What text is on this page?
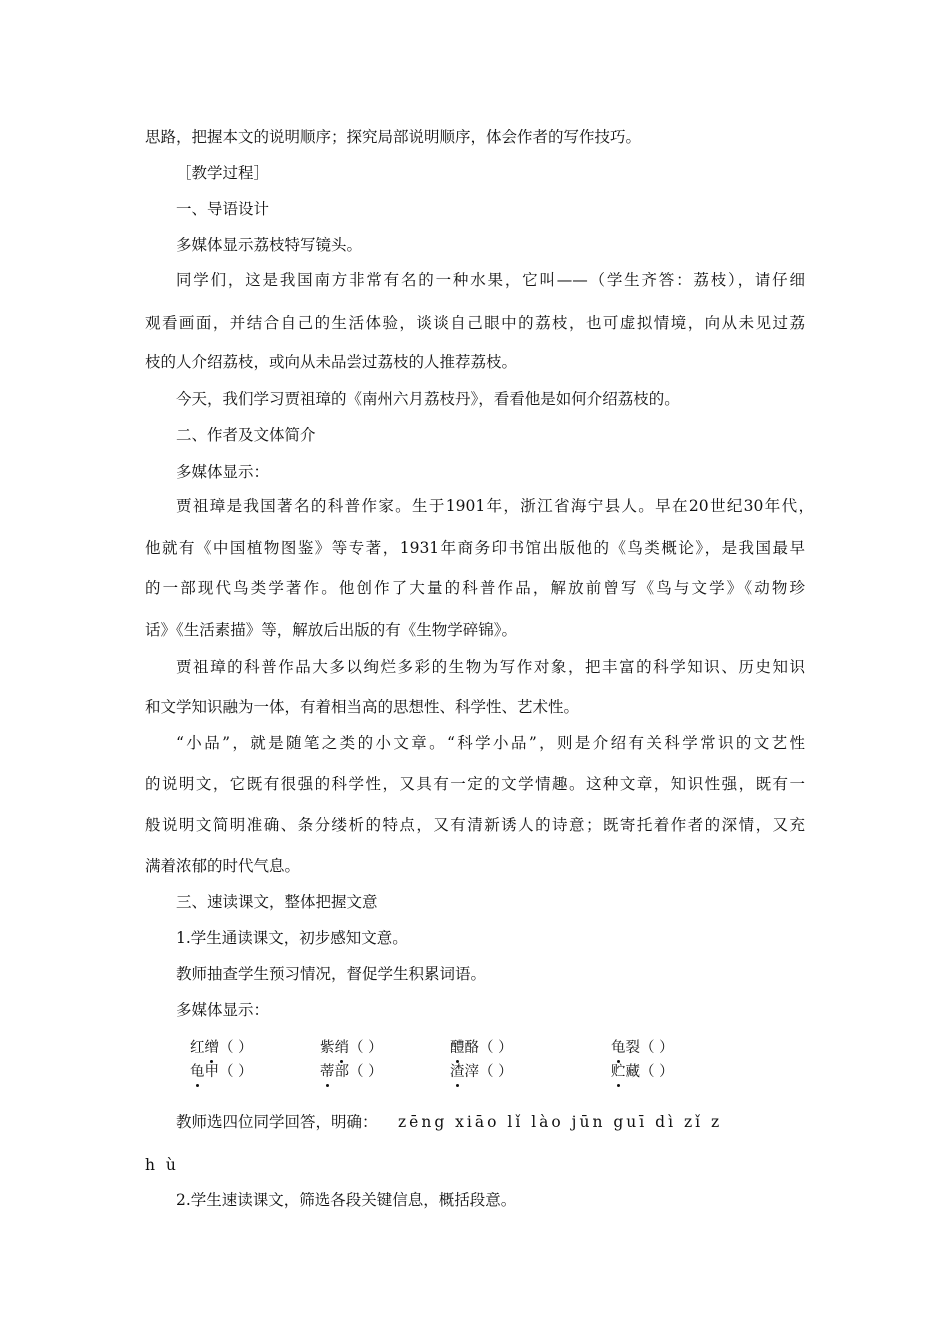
思路，把握本文的说明顺序；探究局部说明顺序，体会作者的写作技巧。
［教学过程］
一、导语设计
多媒体显示荔枝特写镜头。
同学们，这是我国南方非常有名的一种水果，它叫——（学生齐答：荔枝），请仔细
观看画面，并结合自己的生活体验，谈谈自己眼中的荔枝，也可虚拟情境，向从未见过荔
枝的人介绍荔枝，或向从未品尝过荔枝的人推荐荔枝。
今天，我们学习贾祖璋的《南州六月荔枝丹》，看看他是如何介绍荔枝的。
二、作者及文体简介
多媒体显示：
贾祖璋是我国著名的科普作家。生于1901年，浙江省海宁县人。早在20世纪30年代，
他就有《中国植物图鉴》等专著，1931年商务印书馆出版他的《鸟类概论》，是我国最早
的一部现代鸟类学著作。他创作了大量的科普作品，解放前曾写《鸟与文学》《动物珍
话》《生活素描》等，解放后出版的有《生物学碎锦》。
贾祖璋的科普作品大多以绚烂多彩的生物为写作对象，把丰富的科学知识、历史知识
和文学知识融为一体，有着相当高的思想性、科学性、艺术性。
“小品”，就是随笔之类的小文章。“科学小品”，则是介绍有关科学常识的文艺性
的说明文，它既有很强的科学性，又具有一定的文学情趣。这种文章，知识性强，既有一
般说明文简明准确、条分缕析的特点，又有清新诱人的诗意；既寄托着作者的深情，又充
满着浓郁的时代气息。
三、速读课文，整体把握文意
1.学生通读课文，初步感知文意。
教师抽查学生预习情况，督促学生积累词语。
多媒体显示：
红缯（ ）	紫绡（ ）	醴酪（ ）	龟裂（ ）
龟甲（ ）	蒂部（ ）	渣滓（ ）	贮藏（ ）
教师选四位同学回答，明确： zēng xiāo lǐ lào jūn guī dì zǐ z
h ù
2.学生速读课文，筛选各段关键信息，概括段意。
